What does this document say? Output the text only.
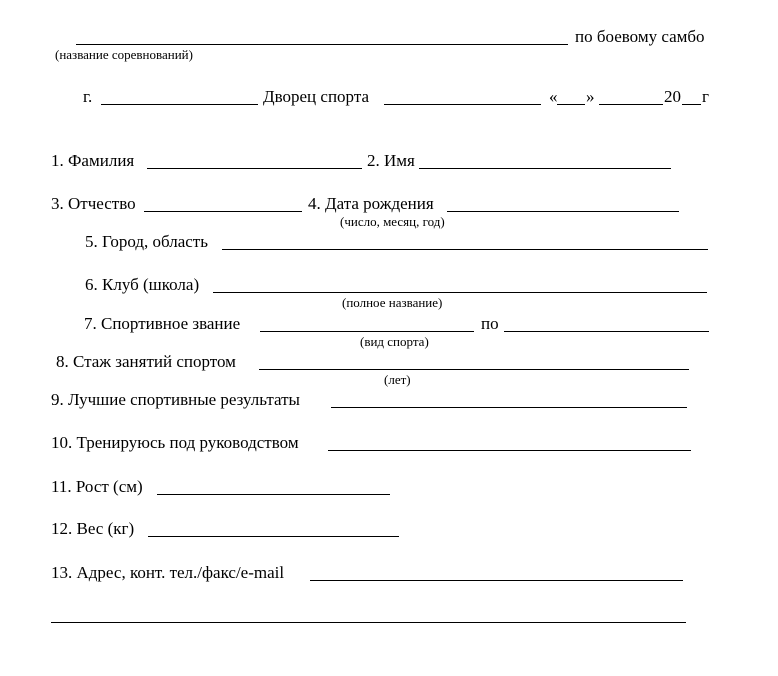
по боевому самбо
(название соревнований)
г.	Дворец спорта	« »	20 г
1. Фамилия	2. Имя
3. Отчество	4. Дата рождения
(число, месяц, год)
5. Город, область
6. Клуб (школа)
(полное название)
7. Спортивное звание	по
(вид спорта)
8. Стаж занятий спортом
(лет)
9. Лучшие спортивные результаты
10. Тренируюсь под руководством
11. Рост (см)
12. Вес (кг)
13. Адрес, конт. тел./факс/e-mail
